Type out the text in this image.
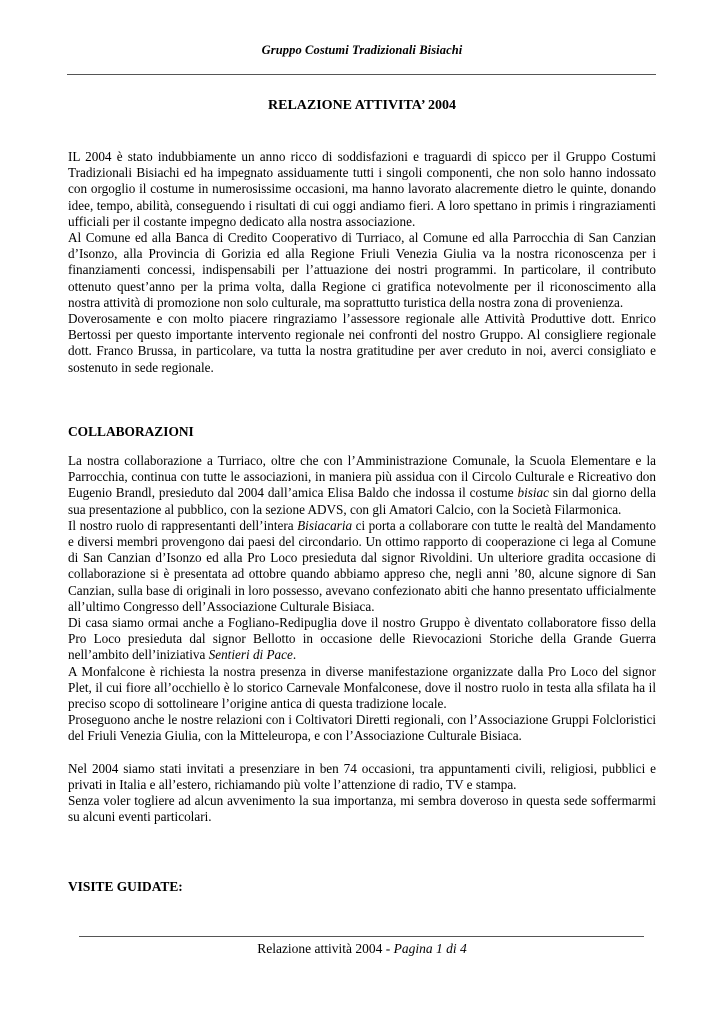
Gruppo Costumi Tradizionali Bisiachi
RELAZIONE ATTIVITA’ 2004

IL 2004 è stato indubbiamente un anno ricco di soddisfazioni e traguardi di spicco per il Gruppo Costumi Tradizionali Bisiachi ed ha impegnato assiduamente tutti i singoli componenti, che non solo hanno indossato con orgoglio il costume in numerosissime occasioni, ma hanno lavorato alacremente dietro le quinte, donando idee, tempo, abilità, conseguendo i risultati di cui oggi andiamo fieri. A loro spettano in primis i ringraziamenti ufficiali per il costante impegno dedicato alla nostra associazione.

Al Comune ed alla Banca di Credito Cooperativo di Turriaco, al Comune ed alla Parrocchia di San Canzian d’Isonzo, alla Provincia di Gorizia ed alla Regione Friuli Venezia Giulia va la nostra riconoscenza per i finanziamenti concessi, indispensabili per l’attuazione dei nostri programmi. In particolare, il contributo ottenuto quest’anno per la prima volta, dalla Regione ci gratifica notevolmente per il riconoscimento alla nostra attività di promozione non solo culturale, ma soprattutto turistica della nostra zona di provenienza.

Doverosamente e con molto piacere ringraziamo l’assessore regionale alle Attività Produttive dott. Enrico Bertossi per questo importante intervento regionale nei confronti del nostro Gruppo. Al consigliere regionale dott. Franco Brussa, in particolare, va tutta la nostra gratitudine per aver creduto in noi, averci consigliato e sostenuto in sede regionale.

COLLABORAZIONI

La nostra collaborazione a Turriaco, oltre che con l’Amministrazione Comunale, la Scuola Elementare e la Parrocchia, continua con tutte le associazioni, in maniera più assidua con il Circolo Culturale e Ricreativo don Eugenio Brandl, presieduto dal 2004 dall’amica Elisa Baldo che indossa il costume bisiac sin dal giorno della sua presentazione al pubblico, con la sezione ADVS, con gli Amatori Calcio, con la Società Filarmonica.

Il nostro ruolo di rappresentanti dell’intera Bisiacaria ci porta a collaborare con tutte le realtà del Mandamento e diversi membri provengono dai paesi del circondario. Un ottimo rapporto di cooperazione ci lega al Comune di San Canzian d’Isonzo ed alla Pro Loco presieduta dal signor Rivoldini. Un ulteriore gradita occasione di collaborazione si è presentata ad ottobre quando abbiamo appreso che, negli anni ’80, alcune signore di San Canzian, sulla base di originali in loro possesso, avevano confezionato abiti che hanno presentato ufficialmente all’ultimo Congresso dell’Associazione Culturale Bisiaca.

Di casa siamo ormai anche a Fogliano-Redipuglia dove il nostro Gruppo è diventato collaboratore fisso della Pro Loco presieduta dal signor Bellotto in occasione delle Rievocazioni Storiche della Grande Guerra nell’ambito dell’iniziativa Sentieri di Pace.

A Monfalcone è richiesta la nostra presenza in diverse manifestazione organizzate dalla Pro Loco del signor Plet, il cui fiore all’occhiello è lo storico Carnevale Monfalconese, dove il nostro ruolo in testa alla sfilata ha il preciso scopo di sottolineare l’origine antica di questa tradizione locale.

Proseguono anche le nostre relazioni con i Coltivatori Diretti regionali, con l’Associazione Gruppi Folcloristici del Friuli Venezia Giulia, con la Mitteleuropa, e con l’Associazione Culturale Bisiaca.

Nel 2004 siamo stati invitati a presenziare in ben 74 occasioni, tra appuntamenti civili, religiosi, pubblici e privati in Italia e all’estero, richiamando più volte l’attenzione di radio, TV e stampa.

Senza voler togliere ad alcun avvenimento la sua importanza, mi sembra doveroso in questa sede soffermarmi su alcuni eventi particolari.

VISITE GUIDATE:
Relazione attività 2004 - Pagina 1 di 4
